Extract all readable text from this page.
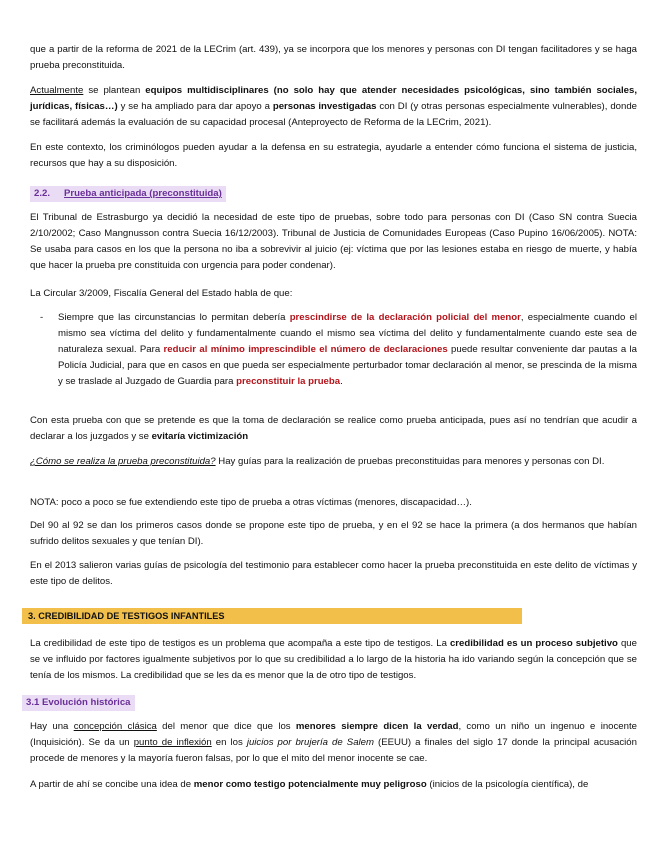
que a partir de la reforma de 2021 de la LECrim (art. 439), ya se incorpora que los menores y personas con DI tengan facilitadores y se haga prueba preconstituida.

Actualmente se plantean equipos multidisciplinares (no solo hay que atender necesidades psicológicas, sino también sociales, jurídicas, físicas…) y se ha ampliado para dar apoyo a personas investigadas con DI (y otras personas especialmente vulnerables), donde se facilitará además la evaluación de su capacidad procesal (Anteproyecto de Reforma de la LECrim, 2021).

En este contexto, los criminólogos pueden ayudar a la defensa en su estrategia, ayudarle a entender cómo funciona el sistema de justicia, recursos que hay a su disposición.

2.2. Prueba anticipada (preconstituida)

El Tribunal de Estrasburgo ya decidió la necesidad de este tipo de pruebas, sobre todo para personas con DI (Caso SN contra Suecia 2/10/2002; Caso Mangnusson contra Suecia 16/12/2003). Tribunal de Justicia de Comunidades Europeas (Caso Pupino 16/06/2005). NOTA: Se usaba para casos en los que la persona no iba a sobrevivir al juicio (ej: víctima que por las lesiones estaba en riesgo de muerte, y había que hacer la prueba pre constituida con urgencia para poder condenar).

La Circular 3/2009, Fiscalía General del Estado habla de que:

- Siempre que las circunstancias lo permitan debería prescindirse de la declaración policial del menor, especialmente cuando el mismo sea víctima del delito y fundamentalmente cuando el mismo sea víctima del delito y fundamentalmente cuando este sea de naturaleza sexual. Para reducir al mínimo imprescindible el número de declaraciones puede resultar conveniente dar pautas a la Policía Judicial, para que en casos en que pueda ser especialmente perturbador tomar declaración al menor, se prescinda de la misma y se traslade al Juzgado de Guardia para preconstituir la prueba.

Con esta prueba con que se pretende es que la toma de declaración se realice como prueba anticipada, pues así no tendrían que acudir a declarar a los juzgados y se evitaría victimización

¿Cómo se realiza la prueba preconstituida? Hay guías para la realización de pruebas preconstituidas para menores y personas con DI.

NOTA: poco a poco se fue extendiendo este tipo de prueba a otras víctimas (menores, discapacidad…).

Del 90 al 92 se dan los primeros casos donde se propone este tipo de prueba, y en el 92 se hace la primera (a dos hermanos que habían sufrido delitos sexuales y que tenían DI).

En el 2013 salieron varias guías de psicología del testimonio para establecer como hacer la prueba preconstituida en este delito de víctimas y este tipo de delitos.

3. CREDIBILIDAD DE TESTIGOS INFANTILES

La credibilidad de este tipo de testigos es un problema que acompaña a este tipo de testigos. La credibilidad es un proceso subjetivo que se ve influido por factores igualmente subjetivos por lo que su credibilidad a lo largo de la historia ha ido variando según la concepción que se tenía de los mismos. La credibilidad que se les da es menor que la de otro tipo de testigos.

3.1 Evolución histórica

Hay una concepción clásica del menor que dice que los menores siempre dicen la verdad, como un niño un ingenuo e inocente (Inquisición). Se da un punto de inflexión en los juicios por brujería de Salem (EEUU) a finales del siglo 17 donde la principal acusación procede de menores y la mayoría fueron falsas, por lo que el mito del menor inocente se cae.

A partir de ahí se concibe una idea de menor como testigo potencialmente muy peligroso (inicios de la psicología científica), de
